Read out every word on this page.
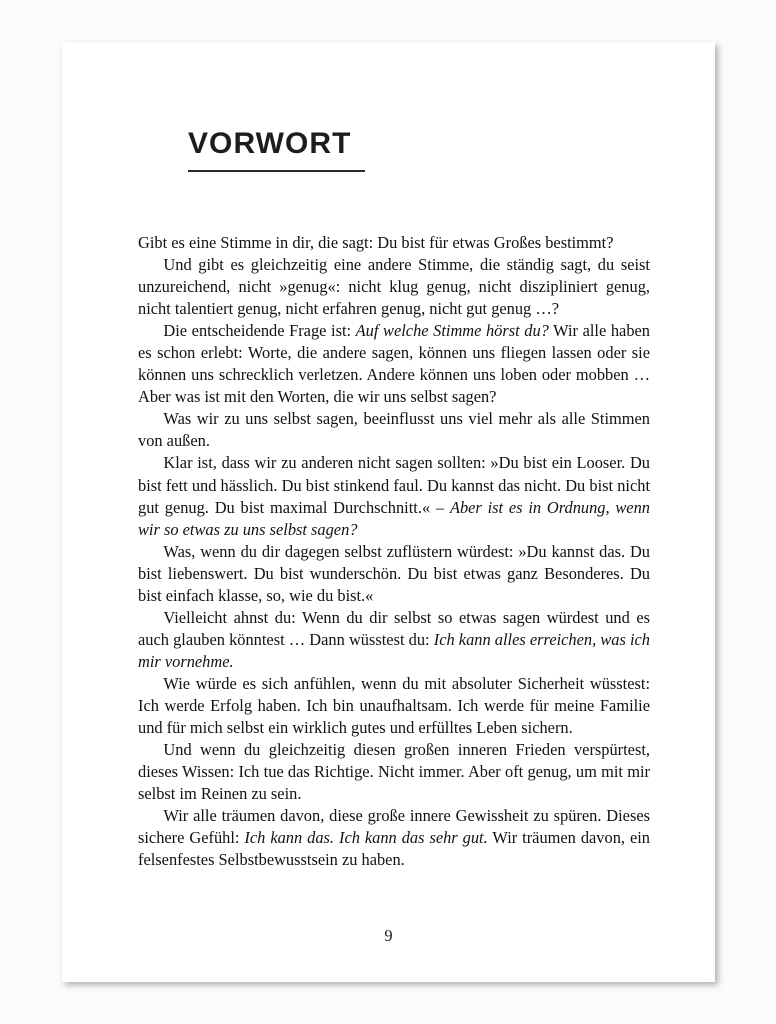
VORWORT

Gibt es eine Stimme in dir, die sagt: Du bist für etwas Großes bestimmt?

Und gibt es gleichzeitig eine andere Stimme, die ständig sagt, du seist unzureichend, nicht »genug«: nicht klug genug, nicht diszipliniert genug, nicht talentiert genug, nicht erfahren genug, nicht gut genug …?

Die entscheidende Frage ist: Auf welche Stimme hörst du? Wir alle haben es schon erlebt: Worte, die andere sagen, können uns fliegen lassen oder sie können uns schrecklich verletzen. Andere können uns loben oder mobben … Aber was ist mit den Worten, die wir uns selbst sagen?

Was wir zu uns selbst sagen, beeinflusst uns viel mehr als alle Stimmen von außen.

Klar ist, dass wir zu anderen nicht sagen sollten: »Du bist ein Looser. Du bist fett und hässlich. Du bist stinkend faul. Du kannst das nicht. Du bist nicht gut genug. Du bist maximal Durchschnitt.« – Aber ist es in Ordnung, wenn wir so etwas zu uns selbst sagen?

Was, wenn du dir dagegen selbst zuflüstern würdest: »Du kannst das. Du bist liebenswert. Du bist wunderschön. Du bist etwas ganz Besonderes. Du bist einfach klasse, so, wie du bist.«

Vielleicht ahnst du: Wenn du dir selbst so etwas sagen würdest und es auch glauben könntest … Dann wüsstest du: Ich kann alles erreichen, was ich mir vornehme.

Wie würde es sich anfühlen, wenn du mit absoluter Sicherheit wüsstest: Ich werde Erfolg haben. Ich bin unaufhaltsam. Ich werde für meine Familie und für mich selbst ein wirklich gutes und erfülltes Leben sichern.

Und wenn du gleichzeitig diesen großen inneren Frieden verspürtest, dieses Wissen: Ich tue das Richtige. Nicht immer. Aber oft genug, um mit mir selbst im Reinen zu sein.

Wir alle träumen davon, diese große innere Gewissheit zu spüren. Dieses sichere Gefühl: Ich kann das. Ich kann das sehr gut. Wir träumen davon, ein felsenfestes Selbstbewusstsein zu haben.

9
